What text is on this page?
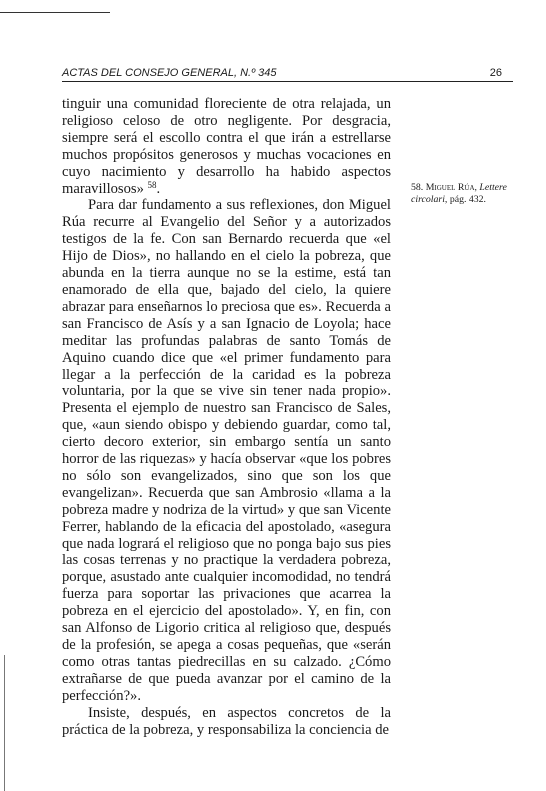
ACTAS DEL CONSEJO GENERAL, N.º 345	26

tinguir una comunidad floreciente de otra relajada, un religioso celoso de otro negligente. Por desgracia, siempre será el escollo contra el que irán a estrellarse muchos propósitos generosos y muchas vocaciones en cuyo nacimiento y desarrollo ha habido aspectos maravillosos» $^{58}$.

Para dar fundamento a sus reflexiones, don Miguel Rúa recurre al Evangelio del Señor y a autorizados testigos de la fe. Con san Bernardo recuerda que «el Hijo de Dios», no hallando en el cielo la pobreza, que abunda en la tierra aunque no se la estime, está tan enamorado de ella que, bajado del cielo, la quiere abrazar para enseñarnos lo preciosa que es». Recuerda a san Francisco de Asís y a san Ignacio de Loyola; hace meditar las profundas palabras de santo Tomás de Aquino cuando dice que «el primer fundamento para llegar a la perfección de la caridad es la pobreza voluntaria, por la que se vive sin tener nada propio». Presenta el ejemplo de nuestro san Francisco de Sales, que, «aun siendo obispo y debiendo guardar, como tal, cierto decoro exterior, sin embargo sentía un santo horror de las riquezas» y hacía observar «que los pobres no sólo son evangelizados, sino que son los que evangelizan». Recuerda que san Ambrosio «llama a la pobreza madre y nodriza de la virtud» y que san Vicente Ferrer, hablando de la eficacia del apostolado, «asegura que nada logrará el religioso que no ponga bajo sus pies las cosas terrenas y no practique la verdadera pobreza, porque, asustado ante cualquier incomodidad, no tendrá fuerza para soportar las privaciones que acarrea la pobreza en el ejercicio del apostolado». Y, en fin, con san Alfonso de Ligorio critica al religioso que, después de la profesión, se apega a cosas pequeñas, que «serán como otras tantas piedrecillas en su calzado. ¿Cómo extrañarse de que pueda avanzar por el camino de la perfección?».

Insiste, después, en aspectos concretos de la práctica de la pobreza, y responsabiliza la conciencia de

58. Miguel Rúa, Lettere circolari, pág. 432.
